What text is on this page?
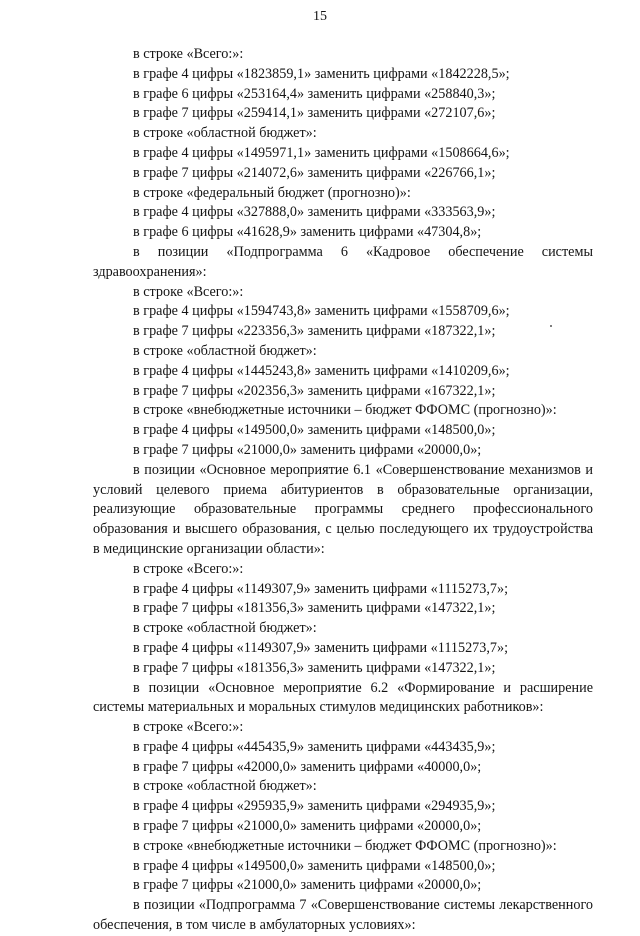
15

в строке «Всего:»:

в графе 4 цифры «1823859,1» заменить цифрами «1842228,5»;

в графе 6 цифры «253164,4» заменить цифрами «258840,3»;

в графе 7 цифры «259414,1» заменить цифрами «272107,6»;

в строке «областной бюджет»:

в графе 4 цифры «1495971,1» заменить цифрами «1508664,6»;

в графе 7 цифры «214072,6» заменить цифрами «226766,1»;

в строке «федеральный бюджет (прогнозно)»:

в графе 4 цифры «327888,0» заменить цифрами «333563,9»;

в графе 6 цифры «41628,9» заменить цифрами «47304,8»;

в позиции «Подпрограмма 6 «Кадровое обеспечение системы здравоохранения»:

в строке «Всего:»:

в графе 4 цифры «1594743,8» заменить цифрами «1558709,6»;

в графе 7 цифры «223356,3» заменить цифрами «187322,1»;

в строке «областной бюджет»:

в графе 4 цифры «1445243,8» заменить цифрами «1410209,6»;

в графе 7 цифры «202356,3» заменить цифрами «167322,1»;

в строке «внебюджетные источники – бюджет ФФОМС (прогнозно)»:

в графе 4 цифры «149500,0» заменить цифрами «148500,0»;

в графе 7 цифры «21000,0» заменить цифрами «20000,0»;

в позиции «Основное мероприятие 6.1 «Совершенствование механизмов и условий целевого приема абитуриентов в образовательные организации, реализующие образовательные программы среднего профессионального образования и высшего образования, с целью последующего их трудоустройства в медицинские организации области»:

в строке «Всего:»:

в графе 4 цифры «1149307,9» заменить цифрами «1115273,7»;

в графе 7 цифры «181356,3» заменить цифрами «147322,1»;

в строке «областной бюджет»:

в графе 4 цифры «1149307,9» заменить цифрами «1115273,7»;

в графе 7 цифры «181356,3» заменить цифрами «147322,1»;

в позиции «Основное мероприятие 6.2 «Формирование и расширение системы материальных и моральных стимулов медицинских работников»:

в строке «Всего:»:

в графе 4 цифры «445435,9» заменить цифрами «443435,9»;

в графе 7 цифры «42000,0» заменить цифрами «40000,0»;

в строке «областной бюджет»:

в графе 4 цифры «295935,9» заменить цифрами «294935,9»;

в графе 7 цифры «21000,0» заменить цифрами «20000,0»;

в строке «внебюджетные источники – бюджет ФФОМС (прогнозно)»:

в графе 4 цифры «149500,0» заменить цифрами «148500,0»;

в графе 7 цифры «21000,0» заменить цифрами «20000,0»;

в позиции «Подпрограмма 7 «Совершенствование системы лекарственного обеспечения, в том числе в амбулаторных условиях»:
